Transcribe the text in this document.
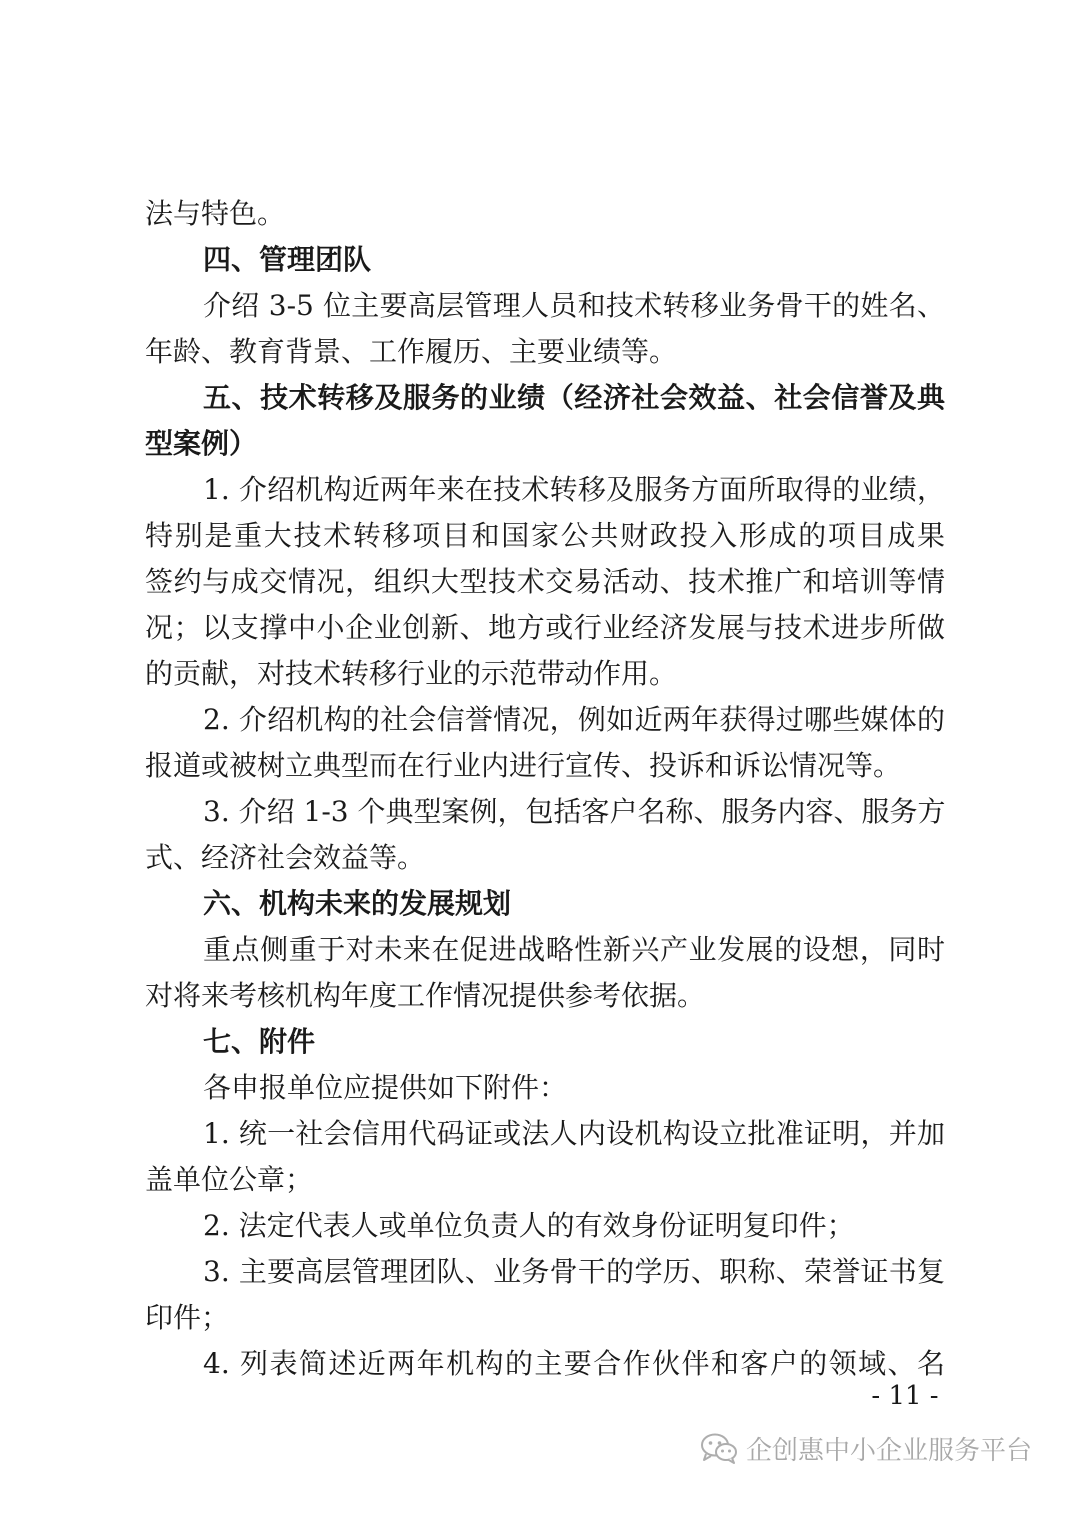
法与特色。
四、管理团队
介绍 3-5 位主要高层管理人员和技术转移业务骨干的姓名、
年龄、教育背景、工作履历、主要业绩等。
五、技术转移及服务的业绩（经济社会效益、社会信誉及典
型案例）
1. 介绍机构近两年来在技术转移及服务方面所取得的业绩，
特别是重大技术转移项目和国家公共财政投入形成的项目成果
签约与成交情况，组织大型技术交易活动、技术推广和培训等情
况；以支撑中小企业创新、地方或行业经济发展与技术进步所做
的贡献，对技术转移行业的示范带动作用。
2. 介绍机构的社会信誉情况，例如近两年获得过哪些媒体的
报道或被树立典型而在行业内进行宣传、投诉和诉讼情况等。
3. 介绍 1-3 个典型案例，包括客户名称、服务内容、服务方
式、经济社会效益等。
六、机构未来的发展规划
重点侧重于对未来在促进战略性新兴产业发展的设想，同时
对将来考核机构年度工作情况提供参考依据。
七、附件
各申报单位应提供如下附件：
1. 统一社会信用代码证或法人内设机构设立批准证明，并加
盖单位公章；
2. 法定代表人或单位负责人的有效身份证明复印件；
3. 主要高层管理团队、业务骨干的学历、职称、荣誉证书复
印件；
4. 列表简述近两年机构的主要合作伙伴和客户的领域、名
- 11 -
企创惠中小企业服务平台
